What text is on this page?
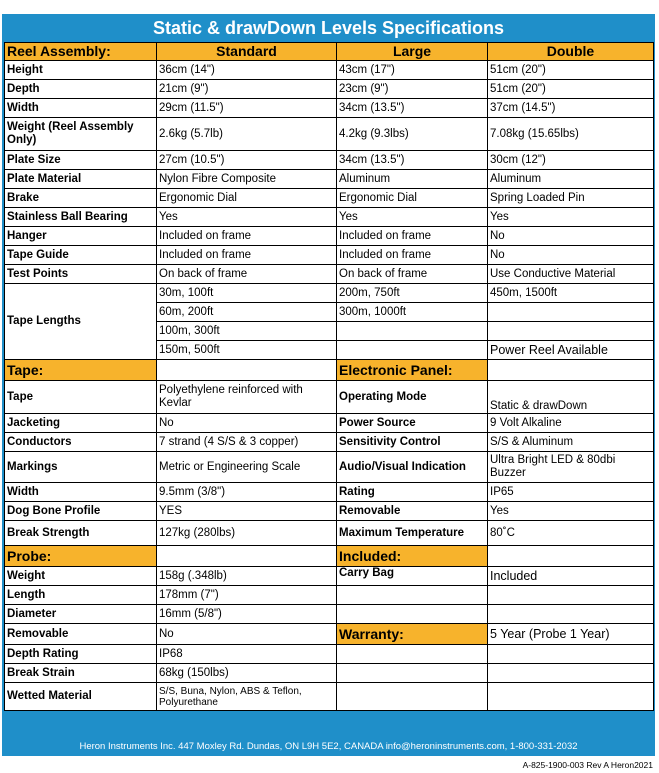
Static & drawDown Levels Specifications
Reel Assembly:	Standard	Large	Double
Height	36cm (14")	43cm (17")	51cm (20")
Depth	21cm (9")	23cm (9")	51cm (20")
Width	29cm (11.5")	34cm (13.5")	37cm (14.5")
Weight (Reel Assembly Only)	2.6kg (5.7lb)	4.2kg (9.3lbs)	7.08kg (15.65lbs)
Plate Size	27cm (10.5")	34cm (13.5")	30cm (12")
Plate Material	Nylon Fibre Composite	Aluminum	Aluminum
Brake	Ergonomic Dial	Ergonomic Dial	Spring Loaded Pin
Stainless Ball Bearing	Yes	Yes	Yes
Hanger	Included on frame	Included on frame	No
Tape Guide	Included on frame	Included on frame	No
Test Points	On back of frame	On back of frame	Use Conductive Material
Tape Lengths	30m, 100ft	200m, 750ft	450m, 1500ft
	60m, 200ft	300m, 1000ft	
	100m, 300ft		
	150m, 500ft		Power Reel Available
Tape:		Electronic Panel:	
Tape	Polyethylene reinforced with Kevlar	Operating Mode	Static & drawDown
Jacketing	No	Power Source	9 Volt Alkaline
Conductors	7 strand (4 S/S & 3 copper)	Sensitivity Control	S/S & Aluminum
Markings	Metric or Engineering Scale	Audio/Visual Indication	Ultra Bright LED & 80dbi Buzzer
Width	9.5mm (3/8")	Rating	IP65
Dog Bone Profile	YES	Removable	Yes
Break Strength	127kg (280lbs)	Maximum Temperature	80˚C
Probe:		Included:	
Weight	158g (.348lb)	Carry Bag	Included
Length	178mm (7")		
Diameter	16mm (5/8")		
Removable	No	Warranty:	5 Year (Probe 1 Year)
Depth Rating	IP68		
Break Strain	68kg (150lbs)		
Wetted Material	S/S, Buna, Nylon, ABS & Teflon, Polyurethane		
Heron Instruments Inc. 447 Moxley Rd. Dundas, ON L9H 5E2, CANADA info@heroninstruments.com, 1-800-331-2032
A-825-1900-003 Rev A Heron2021
